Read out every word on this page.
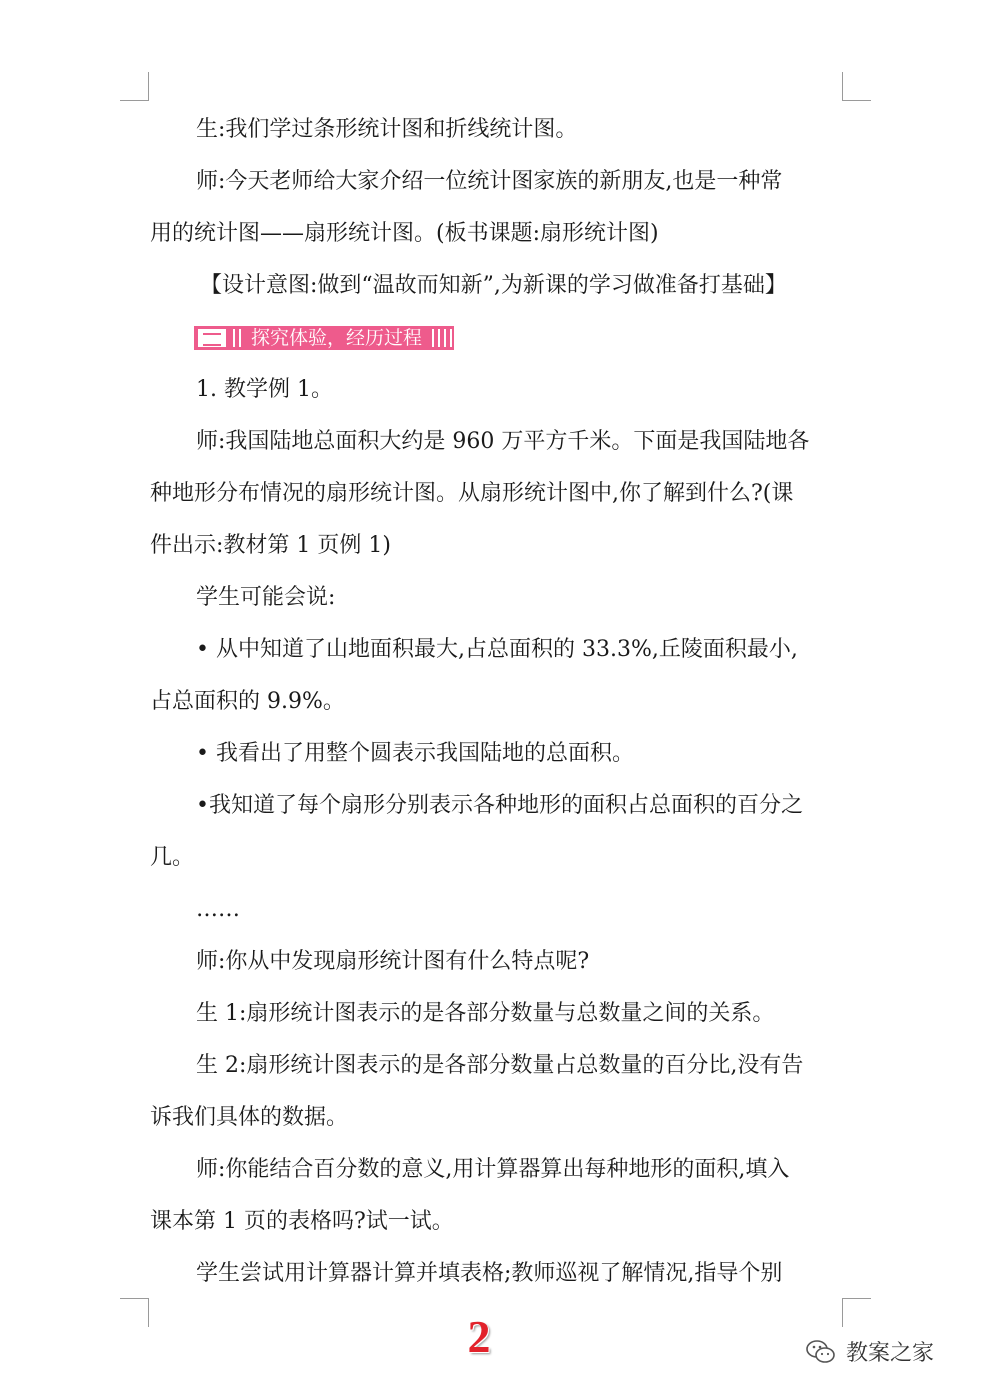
生:我们学过条形统计图和折线统计图。

师:今天老师给大家介绍一位统计图家族的新朋友,也是一种常

用的统计图——扇形统计图。(板书课题:扇形统计图)

【设计意图:做到“温故而知新”,为新课的学习做准备打基础】

探究体验，经历过程

1. 教学例 1。

师:我国陆地总面积大约是 960 万平方千米。下面是我国陆地各

种地形分布情况的扇形统计图。从扇形统计图中,你了解到什么?(课

件出示:教材第 1 页例 1)

学生可能会说:

• 从中知道了山地面积最大,占总面积的 33.3%,丘陵面积最小,

占总面积的 9.9%。

• 我看出了用整个圆表示我国陆地的总面积。

•我知道了每个扇形分别表示各种地形的面积占总面积的百分之

几。

……

师:你从中发现扇形统计图有什么特点呢?

生 1:扇形统计图表示的是各部分数量与总数量之间的关系。

生 2:扇形统计图表示的是各部分数量占总数量的百分比,没有告

诉我们具体的数据。

师:你能结合百分数的意义,用计算器算出每种地形的面积,填入

课本第 1 页的表格吗?试一试。

学生尝试用计算器计算并填表格;教师巡视了解情况,指导个别

2	教案之家
